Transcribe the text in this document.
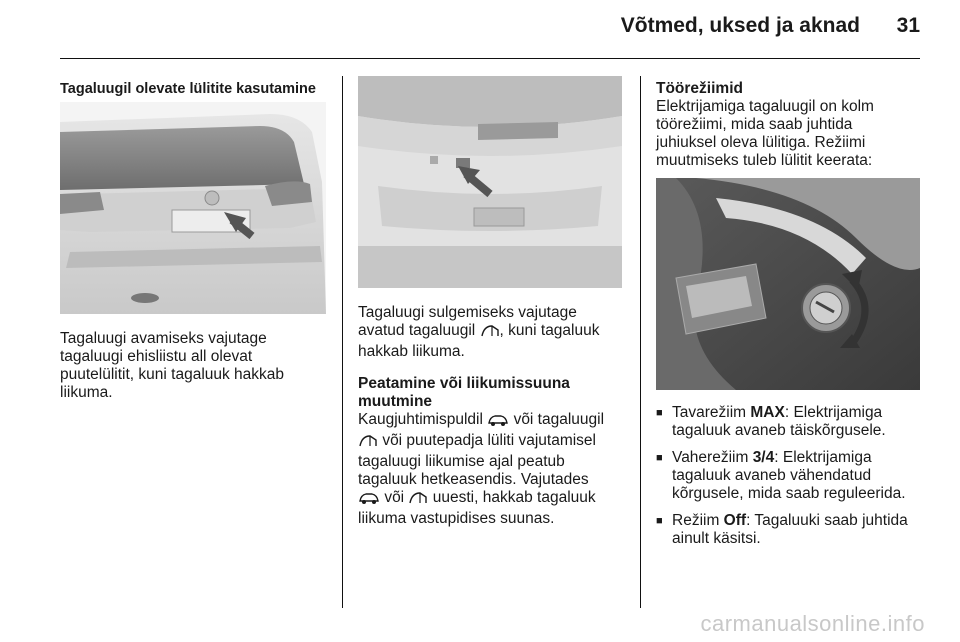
Võtmed, uksed ja aknad	31

Tagaluugil olevate lülitite kasutamine

Tagaluugi avamiseks vajutage

tagaluugi ehisliistu all olevat

puutelülitit, kuni tagaluuk hakkab

liikuma.

Tagaluugi sulgemiseks vajutage

avatud tagaluugil , kuni tagaluuk

hakkab liikuma.

Peatamine või liikumissuuna

muutmine

Kaugjuhtimispuldil või tagaluugil

või puutepadja lüliti vajutamisel

tagaluugi liikumise ajal peatub

tagaluuk hetkeasendis. Vajutades

või uuesti, hakkab tagaluuk

liikuma vastupidises suunas.

Töörežiimid

Elektrijamiga tagaluugil on kolm

töörežiimi, mida saab juhtida

juhiuksel oleva lülitiga. Režiimi

muutmiseks tuleb lülitit keerata:

■ Tavarežiim MAX: Elektrijamiga
tagaluuk avaneb täiskõrgusele.
■ Vaherežiim 3/4: Elektrijamiga
tagaluuk avaneb vähendatud
kõrgusele, mida saab reguleerida.
■ Režiim Off: Tagaluuki saab juhtida
ainult käsitsi.
carmanualsonline.info
